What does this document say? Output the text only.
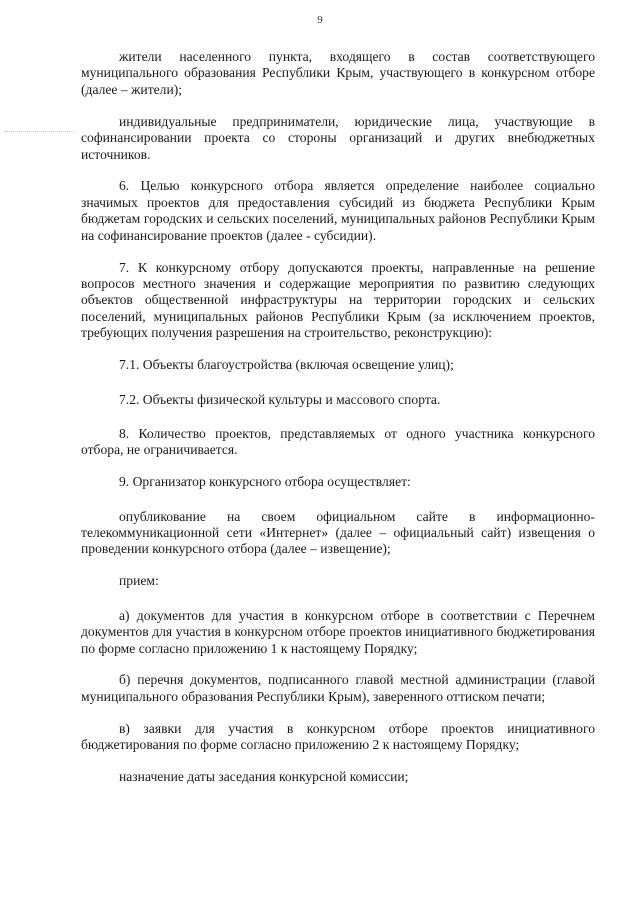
9

жители населенного пункта, входящего в состав соответствующего муниципального образования Республики Крым, участвующего в конкурсном отборе (далее – жители);

индивидуальные предприниматели, юридические лица, участвующие в софинансировании проекта со стороны организаций и других внебюджетных источников.

6. Целью конкурсного отбора является определение наиболее социально значимых проектов для предоставления субсидий из бюджета Республики Крым бюджетам городских и сельских поселений, муниципальных районов Республики Крым на софинансирование проектов (далее - субсидии).

7. К конкурсному отбору допускаются проекты, направленные на решение вопросов местного значения и содержащие мероприятия по развитию следующих объектов общественной инфраструктуры на территории городских и сельских поселений, муниципальных районов Республики Крым (за исключением проектов, требующих получения разрешения на строительство, реконструкцию):

7.1. Объекты благоустройства (включая освещение улиц);

7.2. Объекты физической культуры и массового спорта.

8. Количество проектов, представляемых от одного участника конкурсного отбора, не ограничивается.

9. Организатор конкурсного отбора осуществляет:

опубликование на своем официальном сайте в информационно-телекоммуникационной сети «Интернет» (далее – официальный сайт) извещения о проведении конкурсного отбора (далее – извещение);

прием:

а) документов для участия в конкурсном отборе в соответствии с Перечнем документов для участия в конкурсном отборе проектов инициативного бюджетирования по форме согласно приложению 1 к настоящему Порядку;

б) перечня документов, подписанного главой местной администрации (главой муниципального образования Республики Крым), заверенного оттиском печати;

в) заявки для участия в конкурсном отборе проектов инициативного бюджетирования по форме согласно приложению 2 к настоящему Порядку;

назначение даты заседания конкурсной комиссии;
